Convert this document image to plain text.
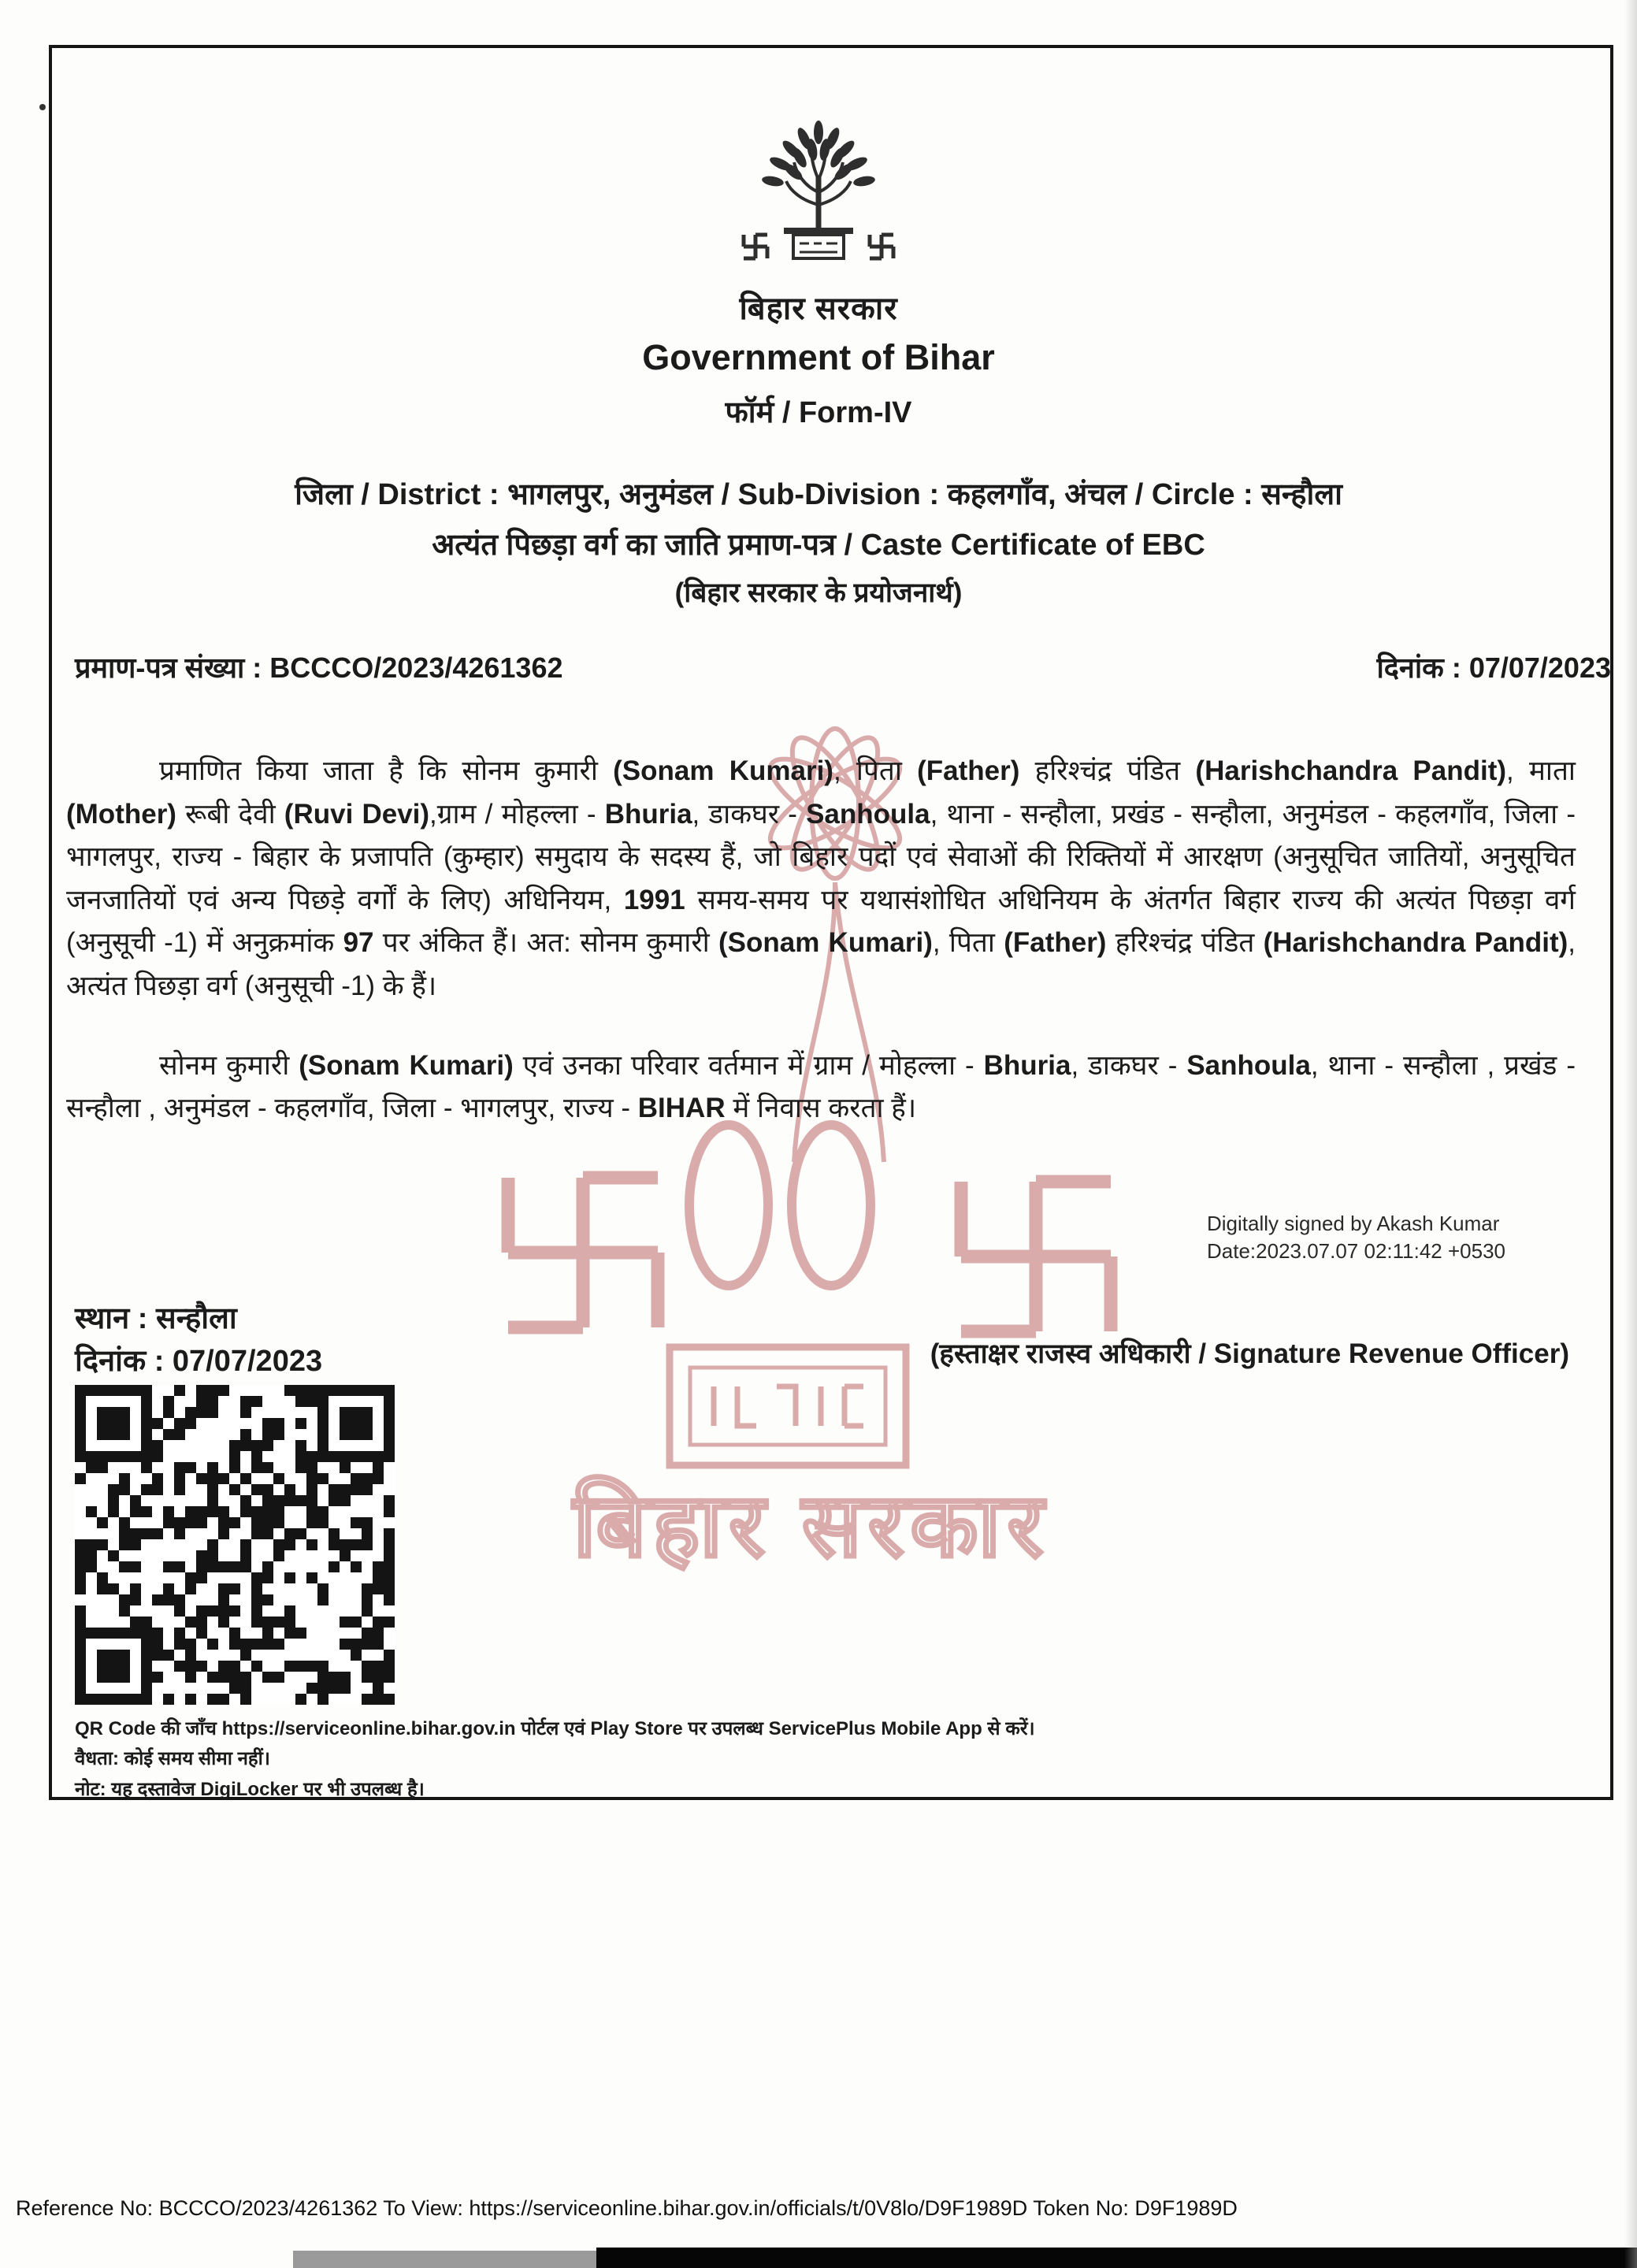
बिहार सरकार
बिहार सरकार
Government of Bihar
फॉर्म / Form-IV
जिला / District : भागलपुर, अनुमंडल / Sub-Division : कहलगाँव, अंचल / Circle : सन्हौला
अत्यंत पिछड़ा वर्ग का जाति प्रमाण-पत्र / Caste Certificate of EBC
(बिहार सरकार के प्रयोजनार्थ)
प्रमाण-पत्र संख्या : BCCCO/2023/4261362	दिनांक : 07/07/2023

प्रमाणित किया जाता है कि सोनम कुमारी (Sonam Kumari), पिता (Father) हरिश्चंद्र पंडित (Harishchandra Pandit), माता (Mother) रूबी देवी (Ruvi Devi),ग्राम / मोहल्ला - Bhuria, डाकघर - Sanhoula, थाना - सन्हौला, प्रखंड - सन्हौला, अनुमंडल - कहलगाँव, जिला - भागलपुर, राज्य - बिहार के प्रजापति (कुम्हार) समुदाय के सदस्य हैं, जो बिहार पदों एवं सेवाओं की रिक्तियों में आरक्षण (अनुसूचित जातियों, अनुसूचित जनजातियों एवं अन्य पिछड़े वर्गों के लिए) अधिनियम, 1991 समय-समय पर यथासंशोधित अधिनियम के अंतर्गत बिहार राज्य की अत्यंत पिछड़ा वर्ग (अनुसूची -1) में अनुक्रमांक 97 पर अंकित हैं। अत: सोनम कुमारी (Sonam Kumari), पिता (Father) हरिश्चंद्र पंडित (Harishchandra Pandit), अत्यंत पिछड़ा वर्ग (अनुसूची -1) के हैं।

सोनम कुमारी (Sonam Kumari) एवं उनका परिवार वर्तमान में ग्राम / मोहल्ला - Bhuria, डाकघर - Sanhoula, थाना - सन्हौला , प्रखंड - सन्हौला , अनुमंडल - कहलगाँव, जिला - भागलपुर, राज्य - BIHAR में निवास करता हैं।

Digitally signed by Akash Kumar
Date:2023.07.07 02:11:42 +0530
स्थान : सन्हौला
दिनांक : 07/07/2023	(हस्ताक्षर राजस्व अधिकारी / Signature Revenue Officer)
QR Code की जाँच https://serviceonline.bihar.gov.in पोर्टल एवं Play Store पर उपलब्ध ServicePlus Mobile App से करें।
वैधता: कोई समय सीमा नहीं।
नोट: यह दस्तावेज DigiLocker पर भी उपलब्ध है।
Reference No: BCCCO/2023/4261362 To View: https://serviceonline.bihar.gov.in/officials/t/0V8lo/D9F1989D Token No: D9F1989D
